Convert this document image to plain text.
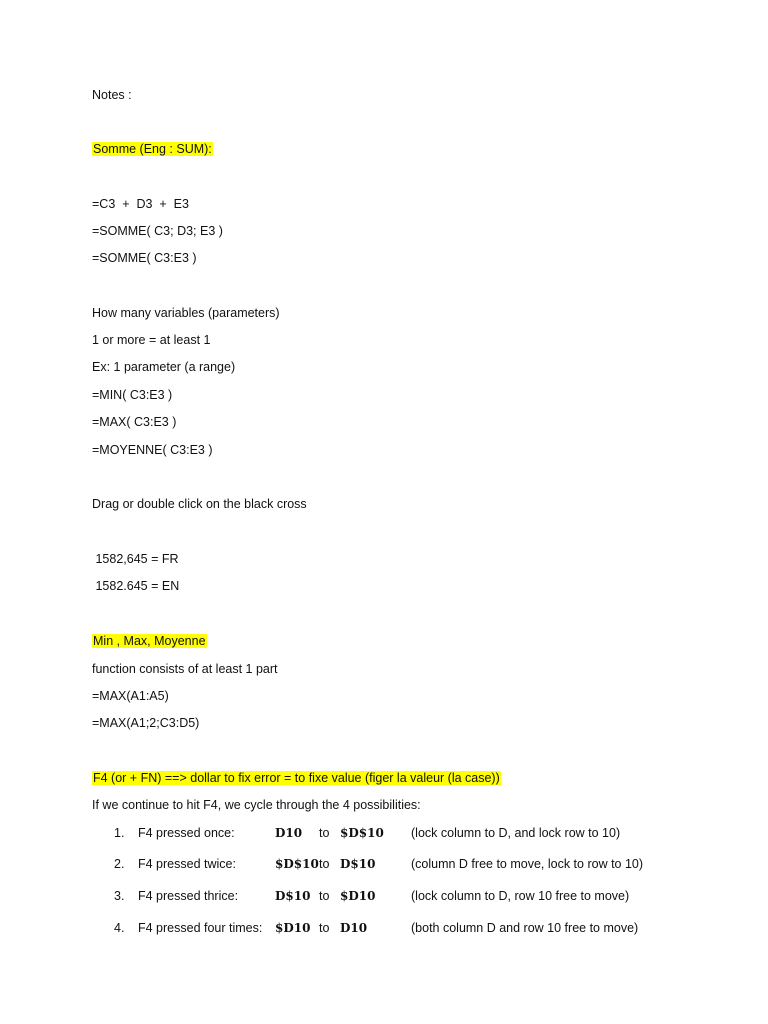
Notes :
Somme (Eng : SUM):
=C3  +  D3  +  E3
=SOMME( C3; D3; E3 )
=SOMME( C3:E3 )
How many variables (parameters)
1 or more = at least 1
Ex: 1 parameter (a range)
=MIN( C3:E3 )
=MAX( C3:E3 )
=MOYENNE( C3:E3 )
Drag or double click on the black cross
1582,645 = FR
1582.645 = EN
Min , Max, Moyenne
function consists of at least 1 part
=MAX(A1:A5)
=MAX(A1;2;C3:D5)
F4 (or + FN) ==> dollar to fix error = to fixe value (figer la valeur (la case))
If we continue to hit F4, we cycle through the 4 possibilities:
1. F4 pressed once:	D10 to $D$10 (lock column to D, and lock row to 10)
2. F4 pressed twice:	$D$10 to D$10	(column D free to move, lock to row to 10)
3. F4 pressed thrice:	D$10 to $D10	(lock column to D, row 10 free to move)
4. F4 pressed four times: $D10 to D10	(both column D and row 10 free to move)
